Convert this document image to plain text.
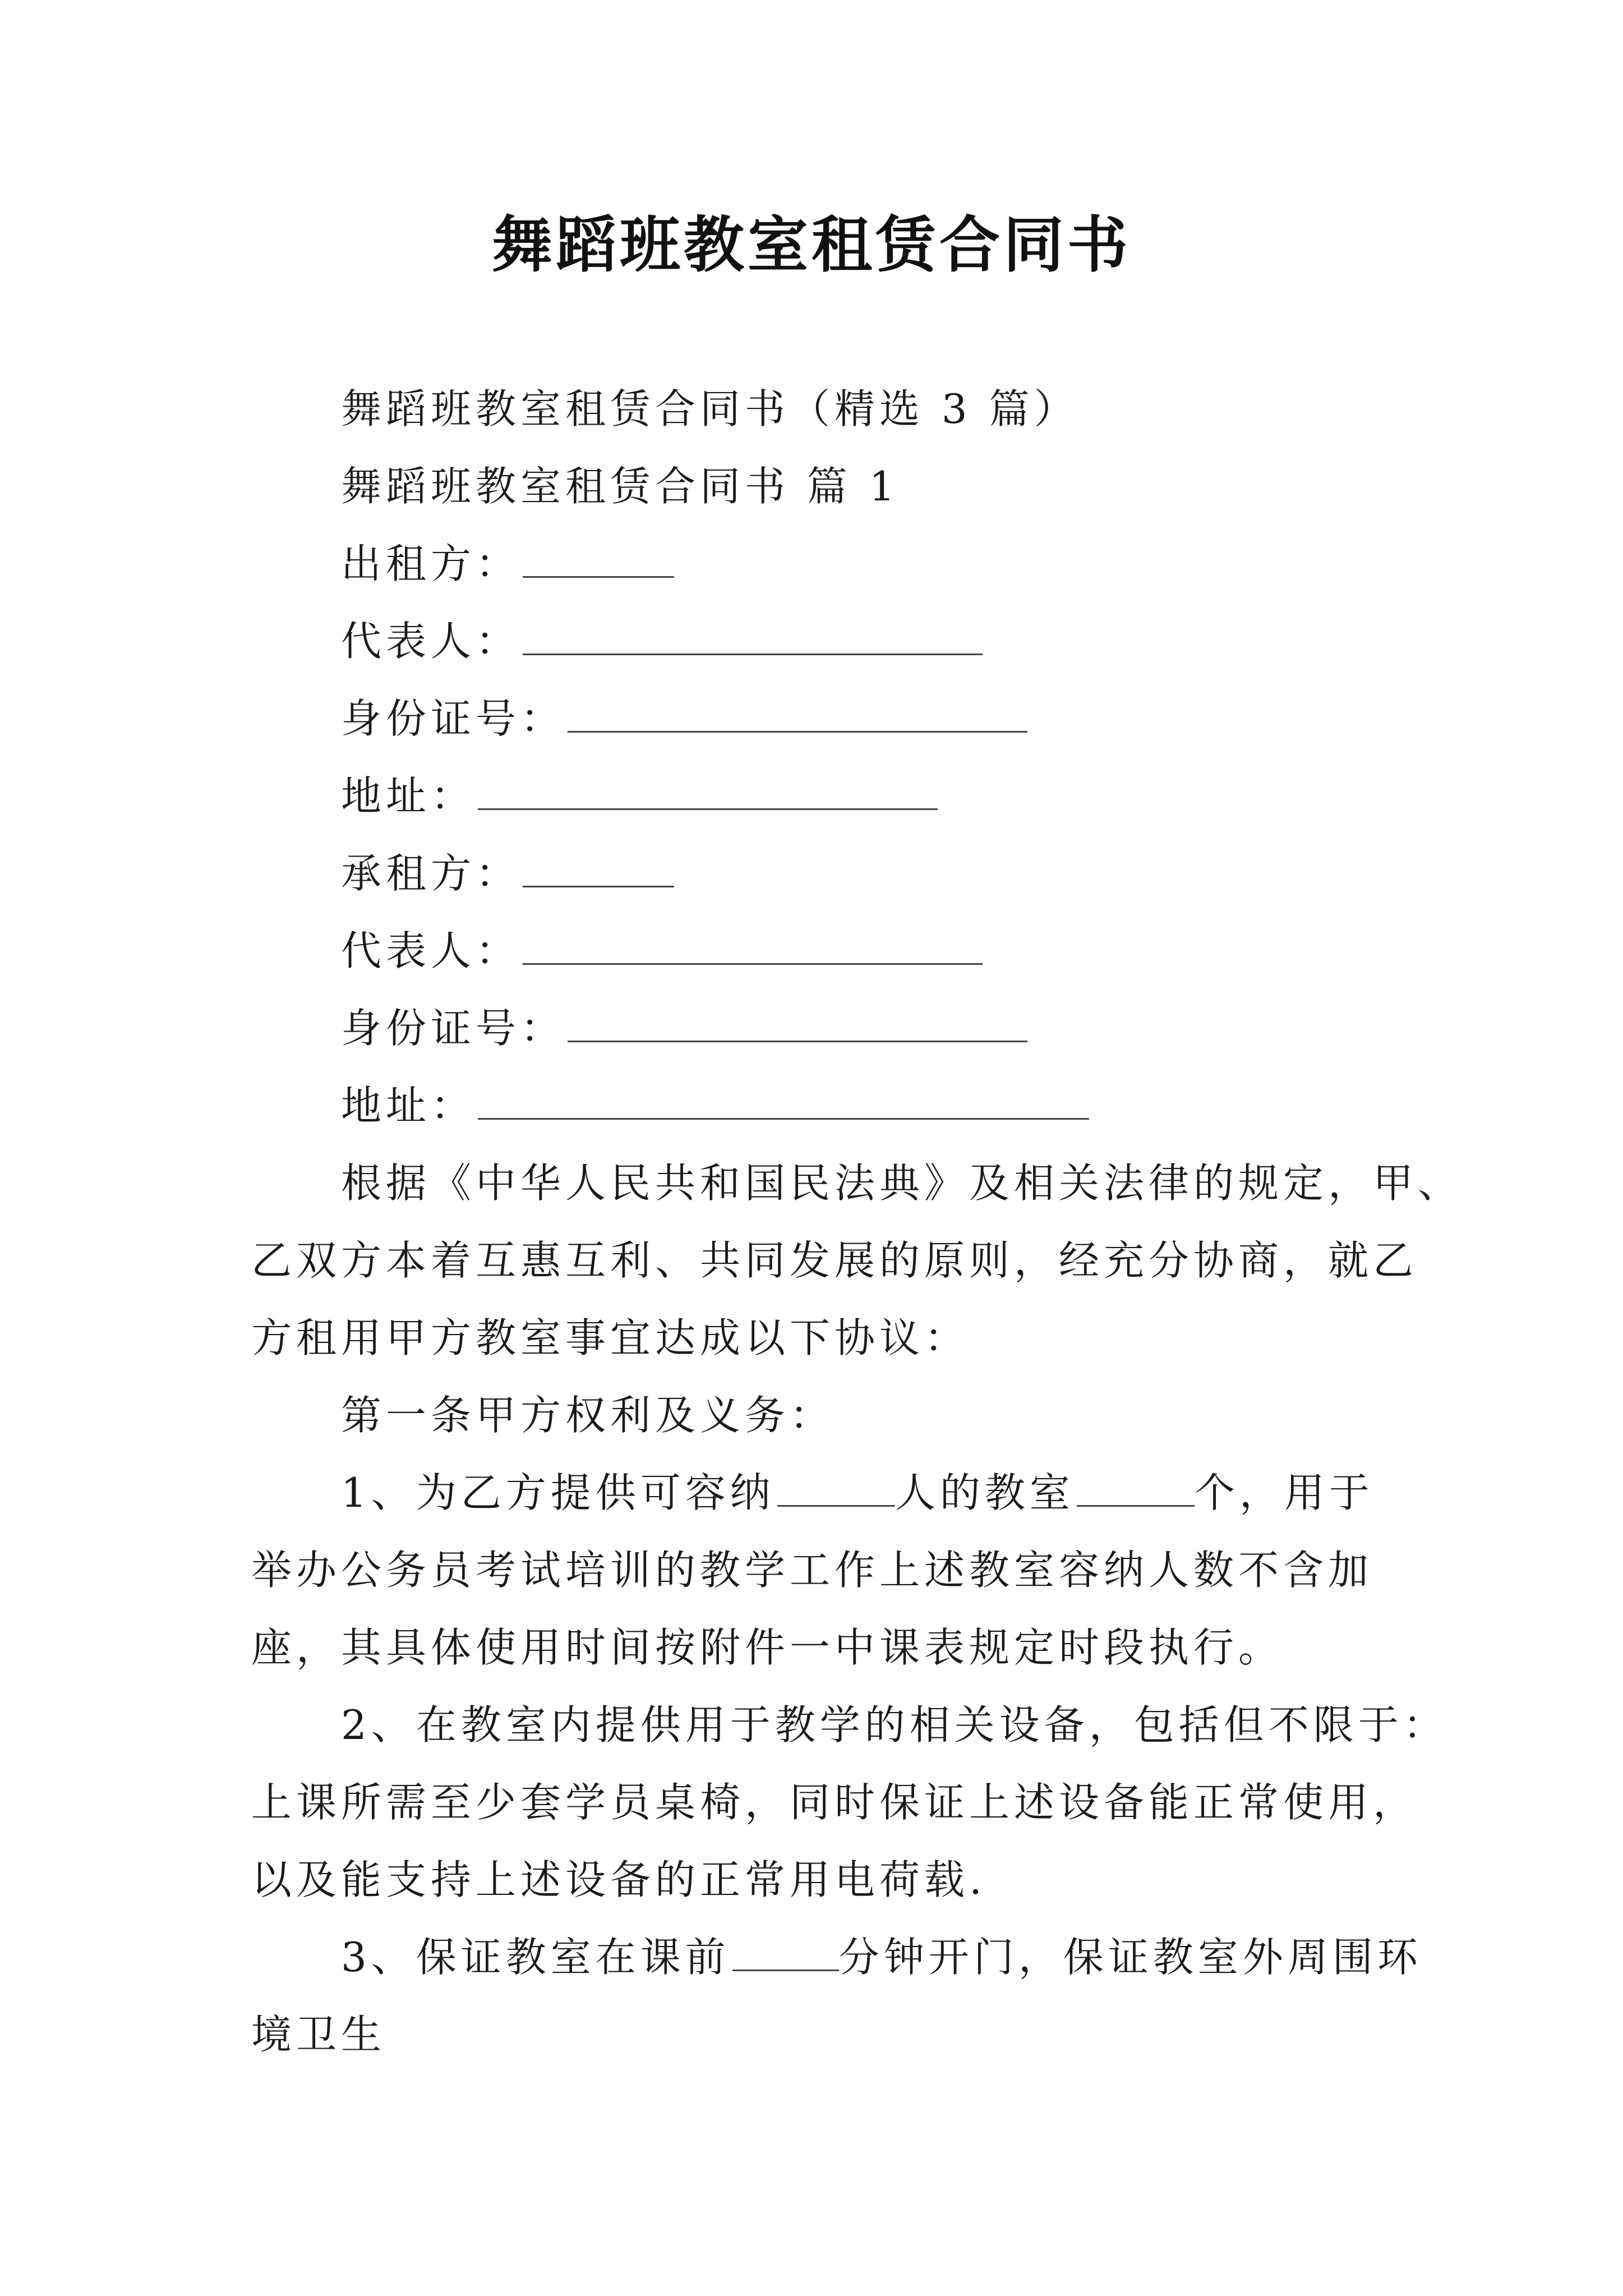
舞蹈班教室租赁合同书
舞蹈班教室租赁合同书（精选 3 篇）
舞蹈班教室租赁合同书 篇 1
出租方：
代表人：
身份证号：
地址：
承租方：
代表人：
身份证号：
地址：
根据《中华人民共和国民法典》及相关法律的规定，甲、
乙双方本着互惠互利、共同发展的原则，经充分协商，就乙
方租用甲方教室事宜达成以下协议：
第一条甲方权利及义务：
1、为乙方提供可容纳	人的教室	个，用于
举办公务员考试培训的教学工作上述教室容纳人数不含加
座，其具体使用时间按附件一中课表规定时段执行。
2、在教室内提供用于教学的相关设备，包括但不限于：
上课所需至少套学员桌椅，同时保证上述设备能正常使用，
以及能支持上述设备的正常用电荷载.
3、保证教室在课前	分钟开门，保证教室外周围环
境卫生
